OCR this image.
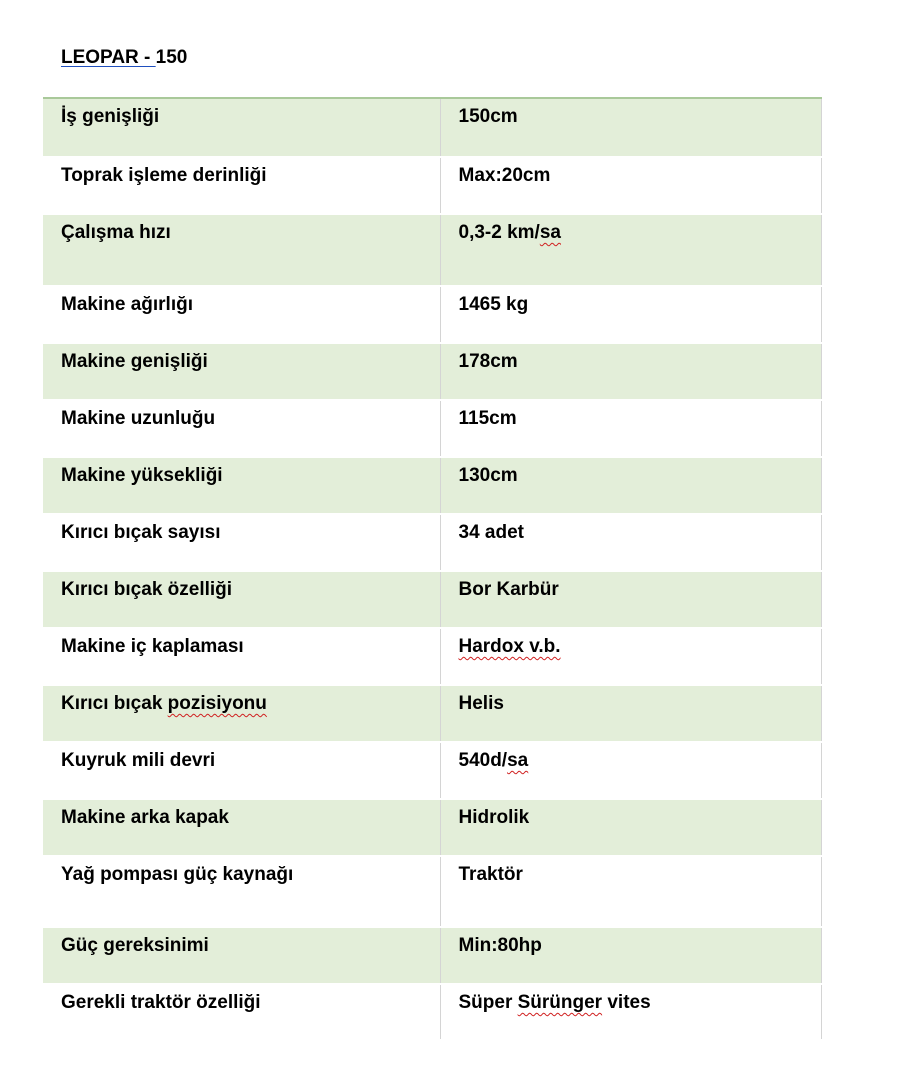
LEOPAR - 150
İş genişliği	150cm
Toprak işleme derinliği	Max:20cm
Çalışma hızı	0,3-2 km/sa
Makine ağırlığı	1465 kg
Makine genişliği	178cm
Makine uzunluğu	115cm
Makine yüksekliği	130cm
Kırıcı bıçak sayısı	34 adet
Kırıcı bıçak özelliği	Bor Karbür
Makine iç kaplaması	Hardox v.b.
Kırıcı bıçak pozisiyonu	Helis
Kuyruk mili devri	540d/sa
Makine arka kapak	Hidrolik
Yağ pompası güç kaynağı	Traktör
Güç gereksinimi	Min:80hp
Gerekli traktör özelliği	Süper Sürünger vites
